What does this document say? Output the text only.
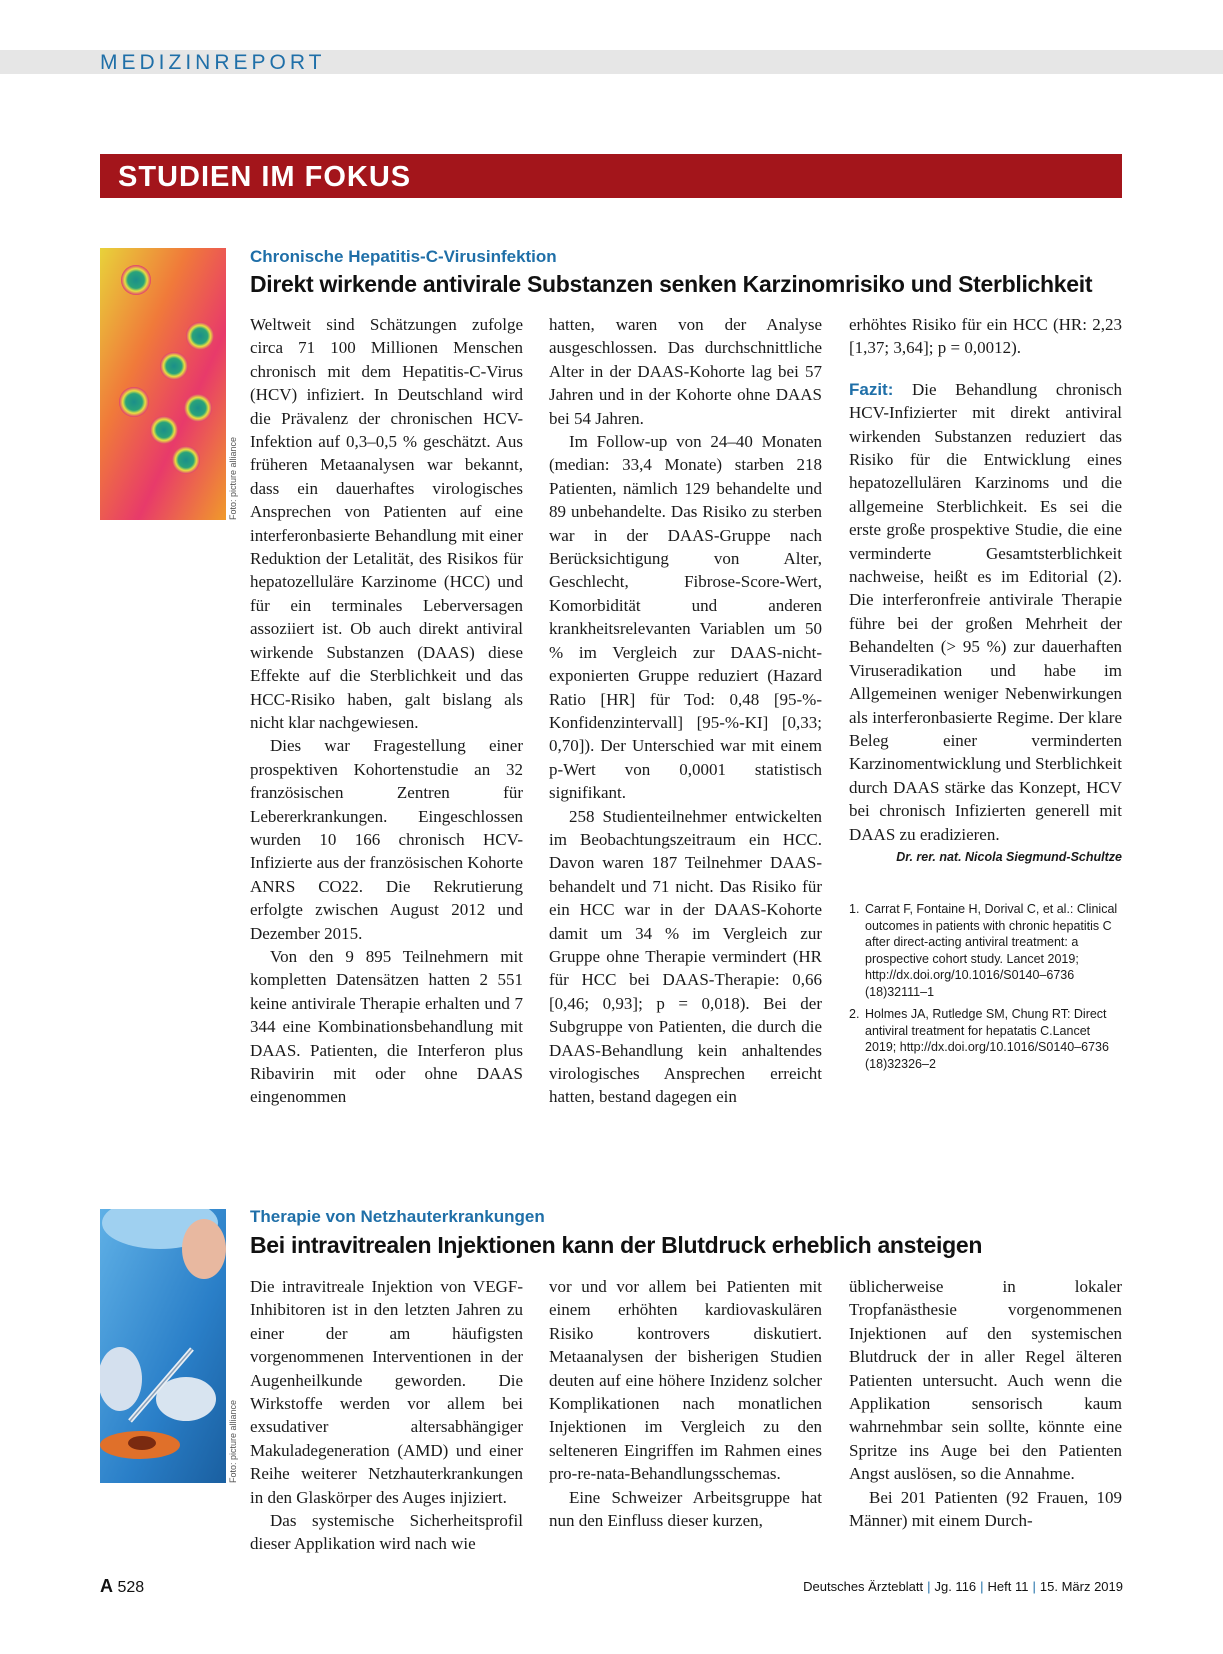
MEDIZINREPORT
STUDIEN IM FOKUS
Foto: picture alliance
Chronische Hepatitis-C-Virusinfektion
Direkt wirkende antivirale Substanzen senken Karzinomrisiko und Sterblichkeit

Weltweit sind Schätzungen zufolge circa 71 100 Millionen Menschen chronisch mit dem Hepatitis-C-Virus (HCV) infiziert. In Deutschland wird die Prävalenz der chronischen HCV-Infektion auf 0,3–0,5 % geschätzt. Aus früheren Metaanalysen war bekannt, dass ein dauerhaftes virologisches Ansprechen von Patienten auf eine interferonbasierte Behandlung mit einer Reduktion der Letalität, des Risikos für hepatozelluläre Karzinome (HCC) und für ein terminales Leberversagen assoziiert ist. Ob auch direkt antiviral wirkende Substanzen (DAAS) diese Effekte auf die Sterblichkeit und das HCC-Risiko haben, galt bislang als nicht klar nachgewiesen.

Dies war Fragestellung einer prospektiven Kohortenstudie an 32 französischen Zentren für Lebererkrankungen. Eingeschlossen wurden 10 166 chronisch HCV-Infizierte aus der französischen Kohorte ANRS CO22. Die Rekrutierung erfolgte zwischen August 2012 und Dezember 2015.

Von den 9 895 Teilnehmern mit kompletten Datensätzen hatten 2 551 keine antivirale Therapie erhalten und 7 344 eine Kombinationsbehandlung mit DAAS. Patienten, die Interferon plus Ribavirin mit oder ohne DAAS eingenommen

hatten, waren von der Analyse ausgeschlossen. Das durchschnittliche Alter in der DAAS-Kohorte lag bei 57 Jahren und in der Kohorte ohne DAAS bei 54 Jahren.

Im Follow-up von 24–40 Monaten (median: 33,4 Monate) starben 218 Patienten, nämlich 129 behandelte und 89 unbehandelte. Das Risiko zu sterben war in der DAAS-Gruppe nach Berücksichtigung von Alter, Geschlecht, Fibrose-Score-Wert, Komorbidität und anderen krankheitsrelevanten Variablen um 50 % im Vergleich zur DAAS-nicht-exponierten Gruppe reduziert (Hazard Ratio [HR] für Tod: 0,48 [95-%-Konfidenzintervall] [95-%-KI] [0,33; 0,70]). Der Unterschied war mit einem p-Wert von 0,0001 statistisch signifikant.

258 Studienteilnehmer entwickelten im Beobachtungszeitraum ein HCC. Davon waren 187 Teilnehmer DAAS-behandelt und 71 nicht. Das Risiko für ein HCC war in der DAAS-Kohorte damit um 34 % im Vergleich zur Gruppe ohne Therapie vermindert (HR für HCC bei DAAS-Therapie: 0,66 [0,46; 0,93]; p = 0,018). Bei der Subgruppe von Patienten, die durch die DAAS-Behandlung kein anhaltendes virologisches Ansprechen erreicht hatten, bestand dagegen ein

erhöhtes Risiko für ein HCC (HR: 2,23 [1,37; 3,64]; p = 0,0012).

Fazit: Die Behandlung chronisch HCV-Infizierter mit direkt antiviral wirkenden Substanzen reduziert das Risiko für die Entwicklung eines hepatozellulären Karzinoms und die allgemeine Sterblichkeit. Es sei die erste große prospektive Studie, die eine verminderte Gesamtsterblichkeit nachweise, heißt es im Editorial (2). Die interferonfreie antivirale Therapie führe bei der großen Mehrheit der Behandelten (> 95 %) zur dauerhaften Viruseradikation und habe im Allgemeinen weniger Nebenwirkungen als interferonbasierte Regime. Der klare Beleg einer verminderten Karzinomentwicklung und Sterblichkeit durch DAAS stärke das Konzept, HCV bei chronisch Infizierten generell mit DAAS zu eradizieren.

Dr. rer. nat. Nicola Siegmund-Schultze

1. Carrat F, Fontaine H, Dorival C, et al.: Clinical outcomes in patients with chronic hepatitis C after direct-acting antiviral treatment: a prospective cohort study. Lancet 2019; http://dx.doi.org/10.1016/S0140–6736 (18)32111–1
2. Holmes JA, Rutledge SM, Chung RT: Direct antiviral treatment for hepatatis C.Lancet 2019; http://dx.doi.org/10.1016/S0140–6736 (18)32326–2
Foto: picture alliance
Therapie von Netzhauterkrankungen
Bei intravitrealen Injektionen kann der Blutdruck erheblich ansteigen

Die intravitreale Injektion von VEGF-Inhibitoren ist in den letzten Jahren zu einer der am häufigsten vorgenommenen Interventionen in der Augenheilkunde geworden. Die Wirkstoffe werden vor allem bei exsudativer altersabhängiger Makuladegeneration (AMD) und einer Reihe weiterer Netzhauterkrankungen in den Glaskörper des Auges injiziert.

Das systemische Sicherheitsprofil dieser Applikation wird nach wie

vor und vor allem bei Patienten mit einem erhöhten kardiovaskulären Risiko kontrovers diskutiert. Metaanalysen der bisherigen Studien deuten auf eine höhere Inzidenz solcher Komplikationen nach monatlichen Injektionen im Vergleich zu den selteneren Eingriffen im Rahmen eines pro-re-nata-Behandlungsschemas.

Eine Schweizer Arbeitsgruppe hat nun den Einfluss dieser kurzen,

üblicherweise in lokaler Tropfanästhesie vorgenommenen Injektionen auf den systemischen Blutdruck der in aller Regel älteren Patienten untersucht. Auch wenn die Applikation sensorisch kaum wahrnehmbar sein sollte, könnte eine Spritze ins Auge bei den Patienten Angst auslösen, so die Annahme.

Bei 201 Patienten (92 Frauen, 109 Männer) mit einem Durch-

A 528	Deutsches Ärzteblatt | Jg. 116 | Heft 11 | 15. März 2019
